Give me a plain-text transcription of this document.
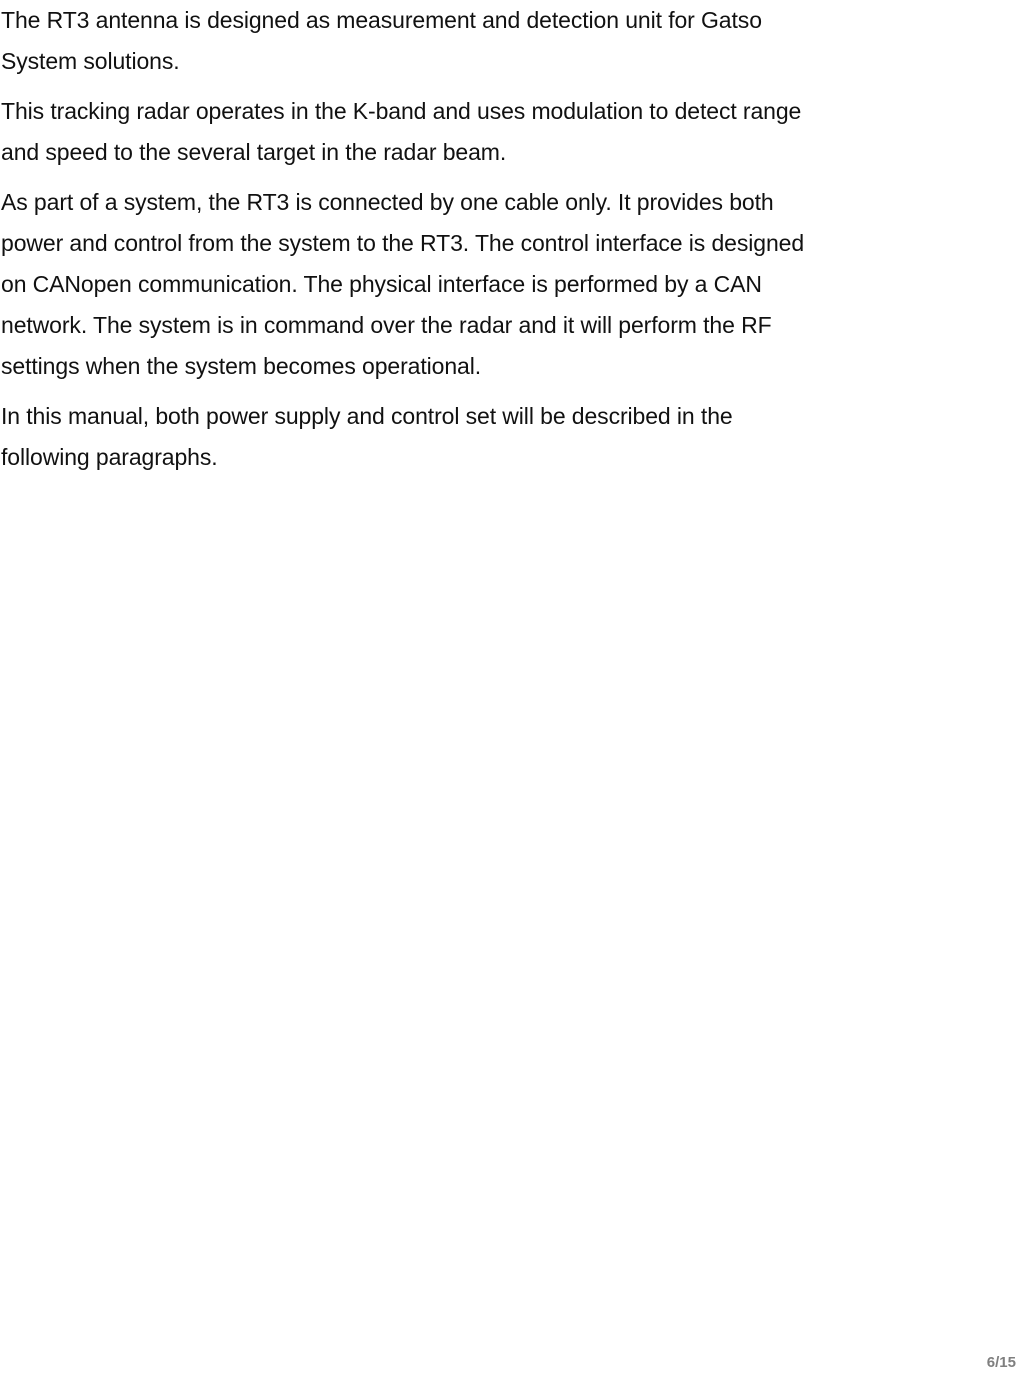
The RT3 antenna is designed as measurement and detection unit for Gatso
System solutions.

This tracking radar operates in the K-band and uses modulation to detect range
and speed to the several target in the radar beam.

As part of a system, the RT3 is connected by one cable only. It provides both
power and control from the system to the RT3. The control interface is designed
on CANopen communication. The physical interface is performed by a CAN
network. The system is in command over the radar and it will perform the RF
settings when the system becomes operational.

In this manual, both power supply and control set will be described in the
following paragraphs.

6/15
